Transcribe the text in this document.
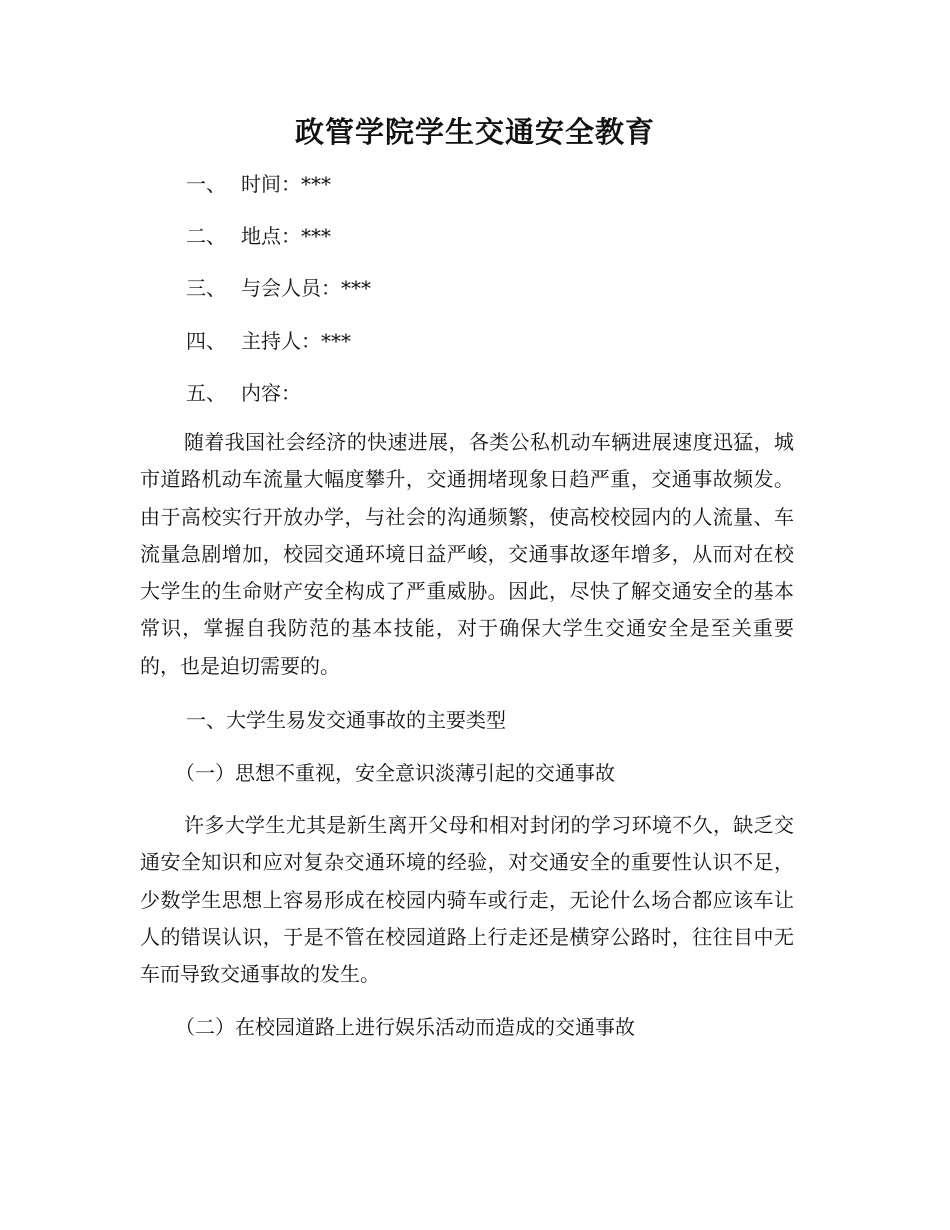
政管学院学生交通安全教育
一、 时间：***
二、 地点：***
三、 与会人员：***
四、 主持人：***
五、 内容：
随着我国社会经济的快速进展，各类公私机动车辆进展速度迅猛，城市道路机动车流量大幅度攀升，交通拥堵现象日趋严重，交通事故频发。由于高校实行开放办学，与社会的沟通频繁，使高校校园内的人流量、车流量急剧增加，校园交通环境日益严峻，交通事故逐年增多，从而对在校大学生的生命财产安全构成了严重威胁。因此，尽快了解交通安全的基本常识，掌握自我防范的基本技能，对于确保大学生交通安全是至关重要的，也是迫切需要的。
一、大学生易发交通事故的主要类型
（一）思想不重视，安全意识淡薄引起的交通事故
许多大学生尤其是新生离开父母和相对封闭的学习环境不久，缺乏交通安全知识和应对复杂交通环境的经验，对交通安全的重要性认识不足，少数学生思想上容易形成在校园内骑车或行走，无论什么场合都应该车让人的错误认识，于是不管在校园道路上行走还是横穿公路时，往往目中无车而导致交通事故的发生。
（二）在校园道路上进行娱乐活动而造成的交通事故
